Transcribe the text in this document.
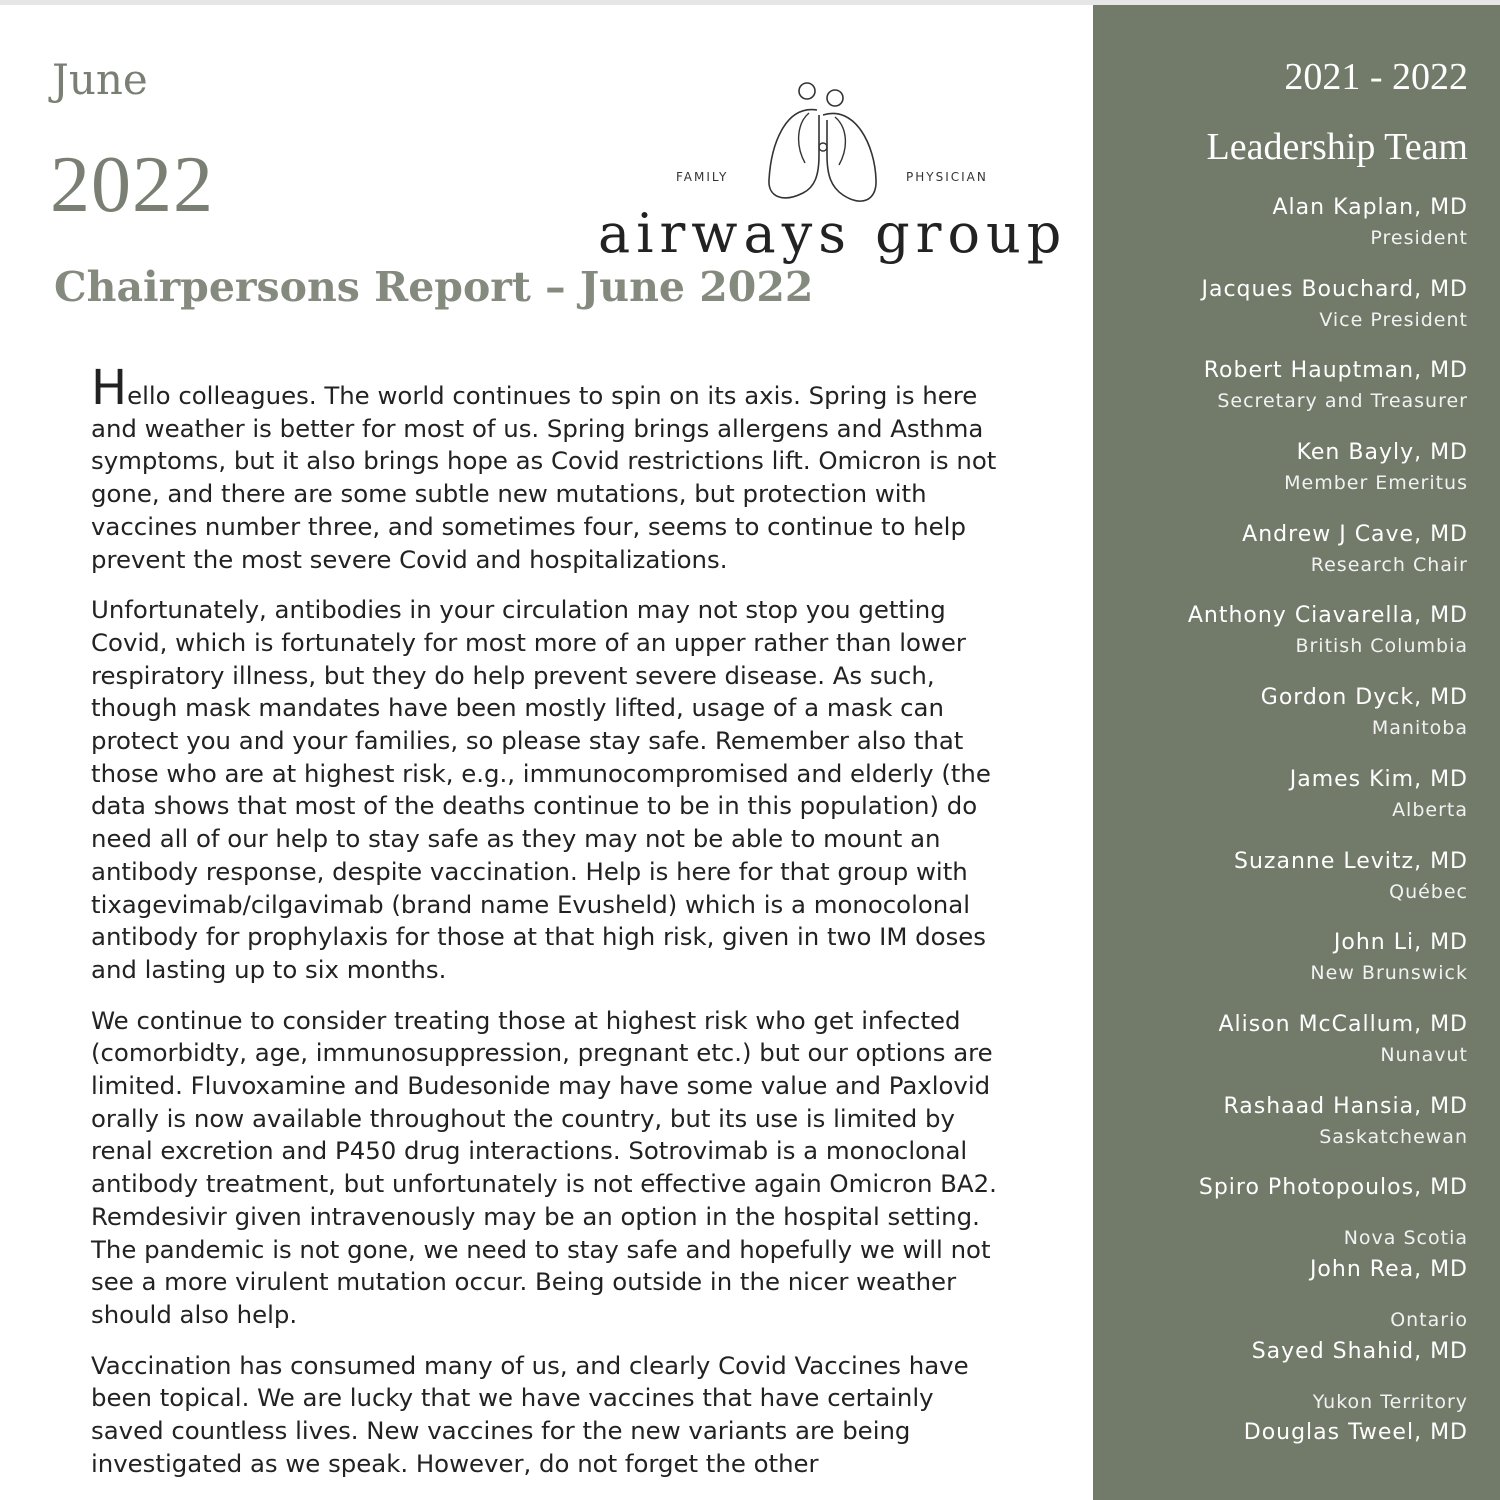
June
2022	FAMILY	PHYSICIAN
airways group
Chairpersons Report – June 2022

Hello colleagues. The world continues to spin on its axis. Spring is here and weather is better for most of us. Spring brings allergens and Asthma symptoms, but it also brings hope as Covid restrictions lift. Omicron is not gone, and there are some subtle new mutations, but protection with vaccines number three, and sometimes four, seems to continue to help prevent the most severe Covid and hospitalizations.

Unfortunately, antibodies in your circulation may not stop you getting Covid, which is fortunately for most more of an upper rather than lower respiratory illness, but they do help prevent severe disease. As such, though mask mandates have been mostly lifted, usage of a mask can protect you and your families, so please stay safe. Remember also that those who are at highest risk, e.g., immunocompromised and elderly (the data shows that most of the deaths continue to be in this population) do need all of our help to stay safe as they may not be able to mount an antibody response, despite vaccination. Help is here for that group with tixagevimab/cilgavimab (brand name Evusheld) which is a monocolonal antibody for prophylaxis for those at that high risk, given in two IM doses and lasting up to six months.

We continue to consider treating those at highest risk who get infected (comorbidty, age, immunosuppression, pregnant etc.) but our options are limited. Fluvoxamine and Budesonide may have some value and Paxlovid orally is now available throughout the country, but its use is limited by renal excretion and P450 drug interactions. Sotrovimab is a monoclonal antibody treatment, but unfortunately is not effective again Omicron BA2. Remdesivir given intravenously may be an option in the hospital setting. The pandemic is not gone, we need to stay safe and hopefully we will not see a more virulent mutation occur. Being outside in the nicer weather should also help.

Vaccination has consumed many of us, and clearly Covid Vaccines have been topical. We are lucky that we have vaccines that have certainly saved countless lives. New vaccines for the new variants are being investigated as we speak. However, do not forget the other

2021 - 2022
Leadership Team
Alan Kaplan, MD
President
Jacques Bouchard, MD
Vice President
Robert Hauptman, MD
Secretary and Treasurer
Ken Bayly, MD
Member Emeritus
Andrew J Cave, MD
Research Chair
Anthony Ciavarella, MD
British Columbia
Gordon Dyck, MD
Manitoba
James Kim, MD
Alberta
Suzanne Levitz, MD
Québec
John Li, MD
New Brunswick
Alison McCallum, MD
Nunavut
Rashaad Hansia, MD
Saskatchewan
Spiro Photopoulos, MD
Nova Scotia
John Rea, MD
Ontario
Sayed Shahid, MD
Yukon Territory
Douglas Tweel, MD
